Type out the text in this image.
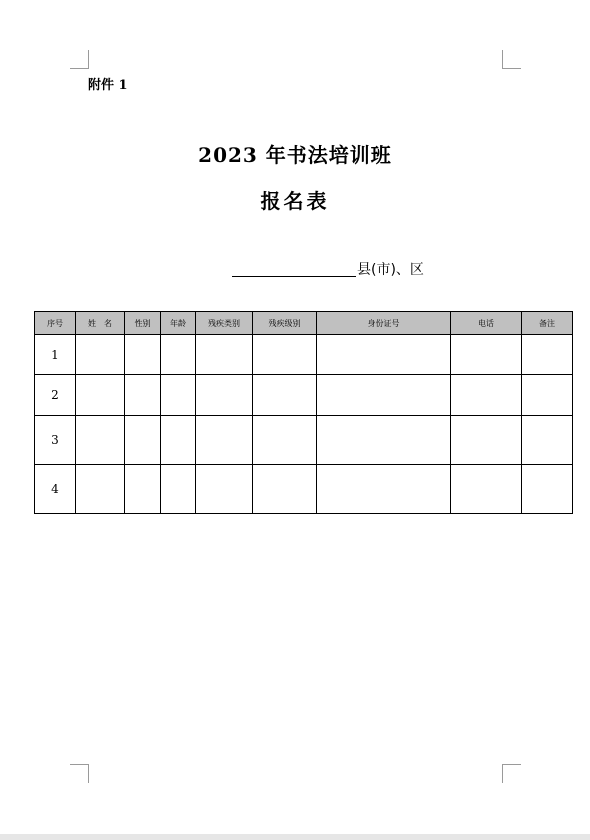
附件 1
2023 年书法培训班
报名表
县(市)、区
序号	姓　名	性别	年龄	残疾类别	残疾级别	身份证号	电话	备注
1								
2								
3								
4								
